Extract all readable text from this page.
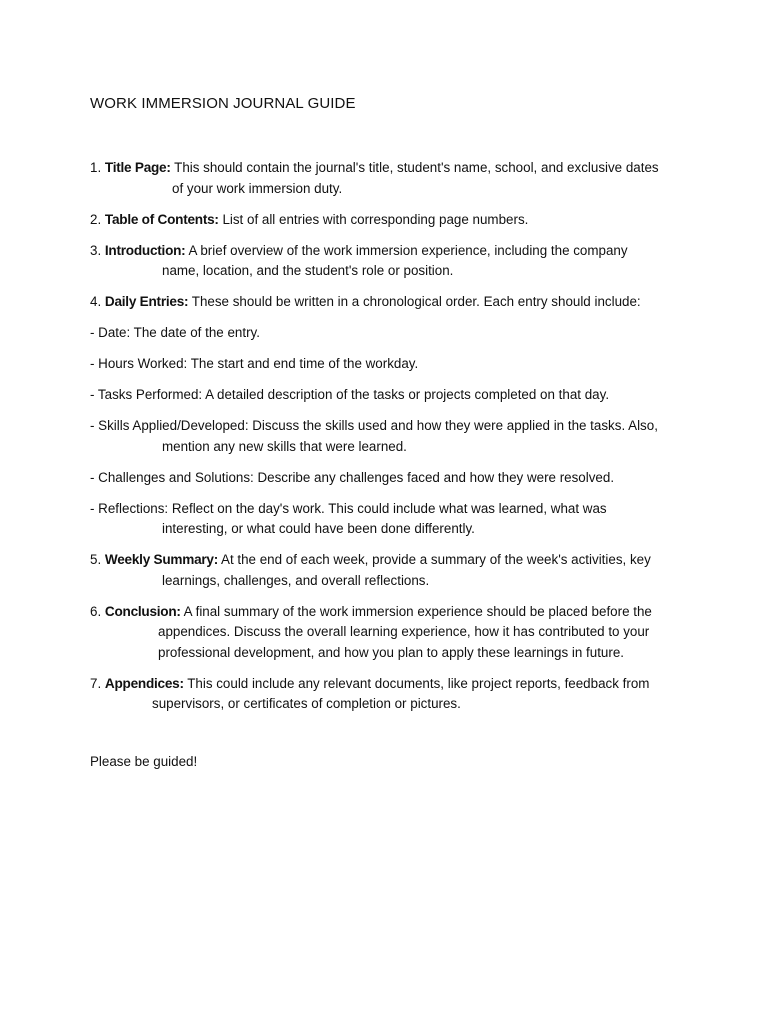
WORK IMMERSION JOURNAL GUIDE
1. Title Page: This should contain the journal's title, student's name, school, and exclusive dates
of your work immersion duty.
2. Table of Contents: List of all entries with corresponding page numbers.
3. Introduction: A brief overview of the work immersion experience, including the company
name, location, and the student's role or position.
4. Daily Entries: These should be written in a chronological order. Each entry should include:
- Date: The date of the entry.
- Hours Worked: The start and end time of the workday.
- Tasks Performed: A detailed description of the tasks or projects completed on that day.
- Skills Applied/Developed: Discuss the skills used and how they were applied in the tasks. Also,
mention any new skills that were learned.
- Challenges and Solutions: Describe any challenges faced and how they were resolved.
- Reflections: Reflect on the day's work. This could include what was learned, what was
interesting, or what could have been done differently.
5. Weekly Summary: At the end of each week, provide a summary of the week's activities, key
learnings, challenges, and overall reflections.
6. Conclusion: A final summary of the work immersion experience should be placed before the
appendices. Discuss the overall learning experience, how it has contributed to your
professional development, and how you plan to apply these learnings in future.
7. Appendices: This could include any relevant documents, like project reports, feedback from
supervisors, or certificates of completion or pictures.
Please be guided!
